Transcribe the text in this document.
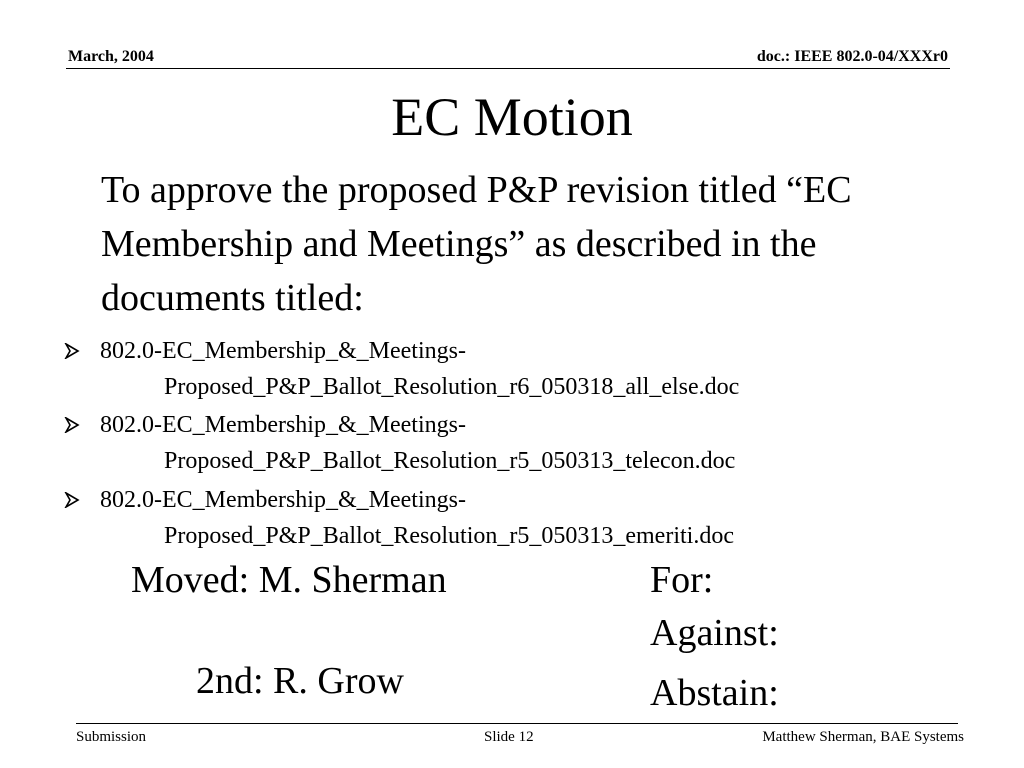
March, 2004	doc.: IEEE 802.0-04/XXXr0
EC Motion
To approve the proposed P&P revision titled “EC Membership and Meetings” as described in the documents titled:
802.0-EC_Membership_&_Meetings-
Proposed_P&P_Ballot_Resolution_r6_050318_all_else.doc
802.0-EC_Membership_&_Meetings-
Proposed_P&P_Ballot_Resolution_r5_050313_telecon.doc
802.0-EC_Membership_&_Meetings-
Proposed_P&P_Ballot_Resolution_r5_050313_emeriti.doc
Moved: M. Sherman
2nd: R. Grow
For:
Against:
Abstain:
Submission	Slide 12	Matthew Sherman, BAE Systems
